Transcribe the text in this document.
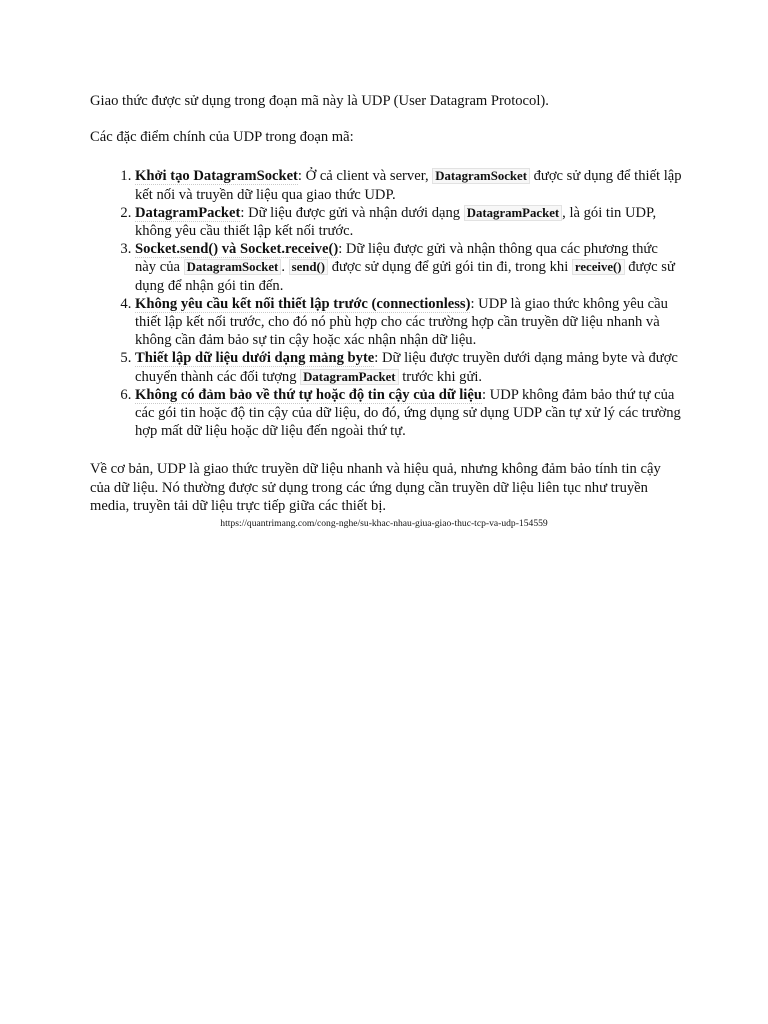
Giao thức được sử dụng trong đoạn mã này là UDP (User Datagram Protocol).

Các đặc điểm chính của UDP trong đoạn mã:

1. Khởi tạo DatagramSocket: Ở cả client và server, DatagramSocket được sử dụng để thiết lập kết nối và truyền dữ liệu qua giao thức UDP.
2. DatagramPacket: Dữ liệu được gửi và nhận dưới dạng DatagramPacket , là gói tin UDP, không yêu cầu thiết lập kết nối trước.
3. Socket.send() và Socket.receive(): Dữ liệu được gửi và nhận thông qua các phương thức này của DatagramSocket . send() được sử dụng để gửi gói tin đi, trong khi receive() được sử dụng để nhận gói tin đến.
4. Không yêu cầu kết nối thiết lập trước (connectionless): UDP là giao thức không yêu cầu thiết lập kết nối trước, cho đó nó phù hợp cho các trường hợp cần truyền dữ liệu nhanh và không cần đảm bảo sự tin cậy hoặc xác nhận nhận dữ liệu.
5. Thiết lập dữ liệu dưới dạng mảng byte: Dữ liệu được truyền dưới dạng mảng byte và được chuyển thành các đối tượng DatagramPacket trước khi gửi.
6. Không có đảm bảo về thứ tự hoặc độ tin cậy của dữ liệu: UDP không đảm bảo thứ tự của các gói tin hoặc độ tin cậy của dữ liệu, do đó, ứng dụng sử dụng UDP cần tự xử lý các trường hợp mất dữ liệu hoặc dữ liệu đến ngoài thứ tự.

Về cơ bản, UDP là giao thức truyền dữ liệu nhanh và hiệu quả, nhưng không đảm bảo tính tin cậy của dữ liệu. Nó thường được sử dụng trong các ứng dụng cần truyền dữ liệu liên tục như truyền media, truyền tải dữ liệu trực tiếp giữa các thiết bị.

https://quantrimang.com/cong-nghe/su-khac-nhau-giua-giao-thuc-tcp-va-udp-154559
